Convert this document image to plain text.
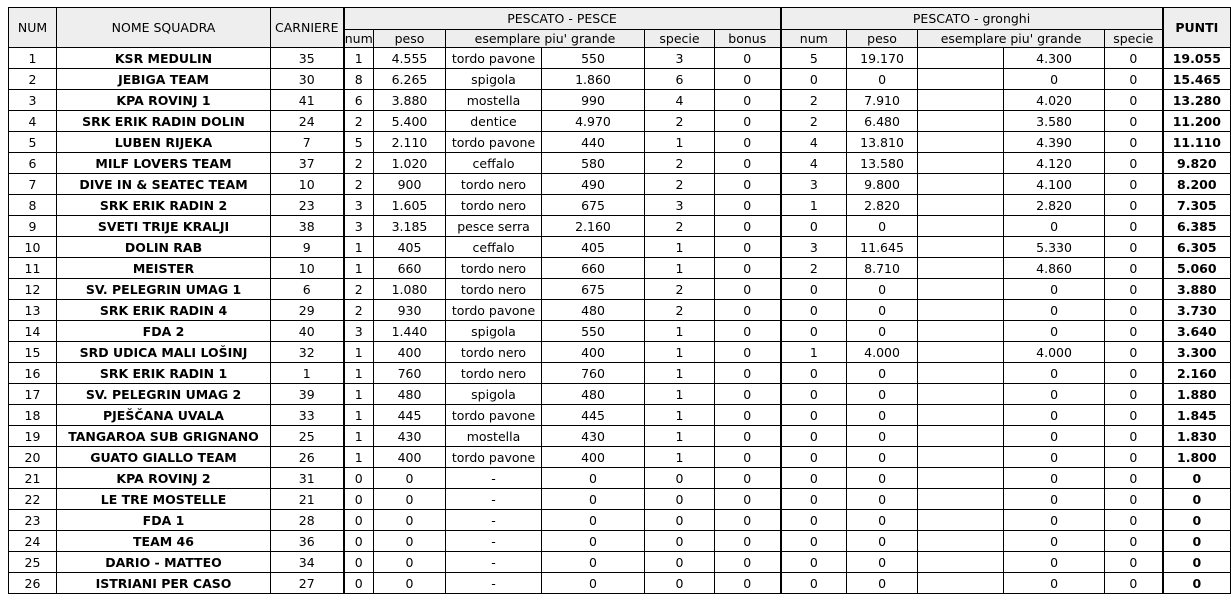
NUM	NOME SQUADRA	CARNIERE	PESCATO - PESCE						PESCATO - gronghi					PUNTI
			num	peso	esemplare piu' grande		specie	bonus	num	peso	esemplare piu' grande		specie	
1	KSR MEDULIN	35	1	4.555	tordo pavone	550	3	0	5	19.170		4.300	0	19.055
2	JEBIGA TEAM	30	8	6.265	spigola	1.860	6	0	0	0		0	0	15.465
3	KPA ROVINJ 1	41	6	3.880	mostella	990	4	0	2	7.910		4.020	0	13.280
4	SRK ERIK RADIN DOLIN	24	2	5.400	dentice	4.970	2	0	2	6.480		3.580	0	11.200
5	LUBEN RIJEKA	7	5	2.110	tordo pavone	440	1	0	4	13.810		4.390	0	11.110
6	MILF LOVERS TEAM	37	2	1.020	ceffalo	580	2	0	4	13.580		4.120	0	9.820
7	DIVE IN & SEATEC TEAM	10	2	900	tordo nero	490	2	0	3	9.800		4.100	0	8.200
8	SRK ERIK RADIN 2	23	3	1.605	tordo nero	675	3	0	1	2.820		2.820	0	7.305
9	SVETI TRIJE KRALJI	38	3	3.185	pesce serra	2.160	2	0	0	0		0	0	6.385
10	DOLIN RAB	9	1	405	ceffalo	405	1	0	3	11.645		5.330	0	6.305
11	MEISTER	10	1	660	tordo nero	660	1	0	2	8.710		4.860	0	5.060
12	SV. PELEGRIN UMAG 1	6	2	1.080	tordo nero	675	2	0	0	0		0	0	3.880
13	SRK ERIK RADIN 4	29	2	930	tordo pavone	480	2	0	0	0		0	0	3.730
14	FDA 2	40	3	1.440	spigola	550	1	0	0	0		0	0	3.640
15	SRD UDICA MALI LOŠINJ	32	1	400	tordo nero	400	1	0	1	4.000		4.000	0	3.300
16	SRK ERIK RADIN 1	1	1	760	tordo nero	760	1	0	0	0		0	0	2.160
17	SV. PELEGRIN UMAG 2	39	1	480	spigola	480	1	0	0	0		0	0	1.880
18	PJEŠČANA UVALA	33	1	445	tordo pavone	445	1	0	0	0		0	0	1.845
19	TANGAROA SUB GRIGNANO	25	1	430	mostella	430	1	0	0	0		0	0	1.830
20	GUATO GIALLO TEAM	26	1	400	tordo pavone	400	1	0	0	0		0	0	1.800
21	KPA ROVINJ 2	31	0	0	-	0	0	0	0	0		0	0	0
22	LE TRE MOSTELLE	21	0	0	-	0	0	0	0	0		0	0	0
23	FDA 1	28	0	0	-	0	0	0	0	0		0	0	0
24	TEAM 46	36	0	0	-	0	0	0	0	0		0	0	0
25	DARIO - MATTEO	34	0	0	-	0	0	0	0	0		0	0	0
26	ISTRIANI PER CASO	27	0	0	-	0	0	0	0	0		0	0	0
